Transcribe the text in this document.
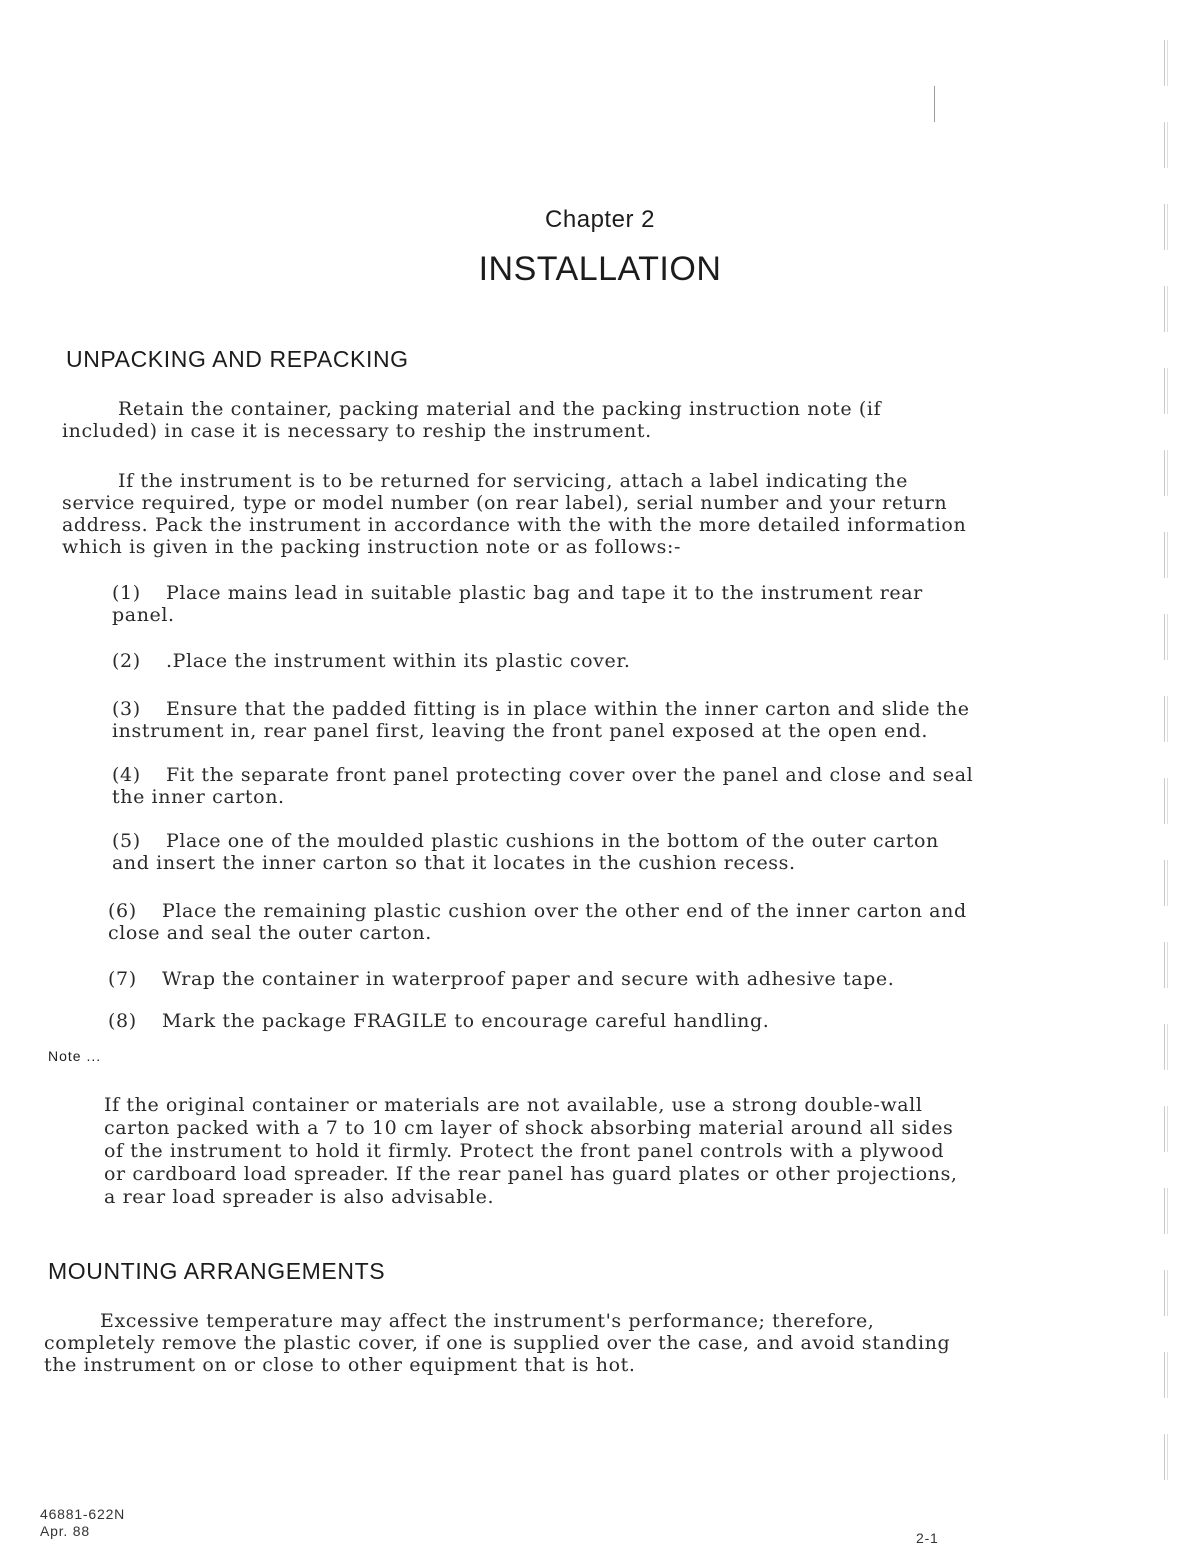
Chapter 2
INSTALLATION
UNPACKING AND REPACKING
Retain the container, packing material and the packing instruction note (if included) in case it is necessary to reship the instrument.
If the instrument is to be returned for servicing, attach a label indicating the service required, type or model number (on rear label), serial number and your return address. Pack the instrument in accordance with the with the more detailed information which is given in the packing instruction note or as follows:-
(1) Place mains lead in suitable plastic bag and tape it to the instrument rear panel.
(2) .Place the instrument within its plastic cover.
(3) Ensure that the padded fitting is in place within the inner carton and slide the instrument in, rear panel first, leaving the front panel exposed at the open end.
(4) Fit the separate front panel protecting cover over the panel and close and seal the inner carton.
(5) Place one of the moulded plastic cushions in the bottom of the outer carton and insert the inner carton so that it locates in the cushion recess.
(6) Place the remaining plastic cushion over the other end of the inner carton and close and seal the outer carton.
(7) Wrap the container in waterproof paper and secure with adhesive tape.
(8) Mark the package FRAGILE to encourage careful handling.
Note ...
If the original container or materials are not available, use a strong double-wall carton packed with a 7 to 10 cm layer of shock absorbing material around all sides of the instrument to hold it firmly. Protect the front panel controls with a plywood or cardboard load spreader. If the rear panel has guard plates or other projections, a rear load spreader is also advisable.
MOUNTING ARRANGEMENTS
Excessive temperature may affect the instrument's performance; therefore, completely remove the plastic cover, if one is supplied over the case, and avoid standing the instrument on or close to other equipment that is hot.
46881-622N
Apr. 88	2-1
